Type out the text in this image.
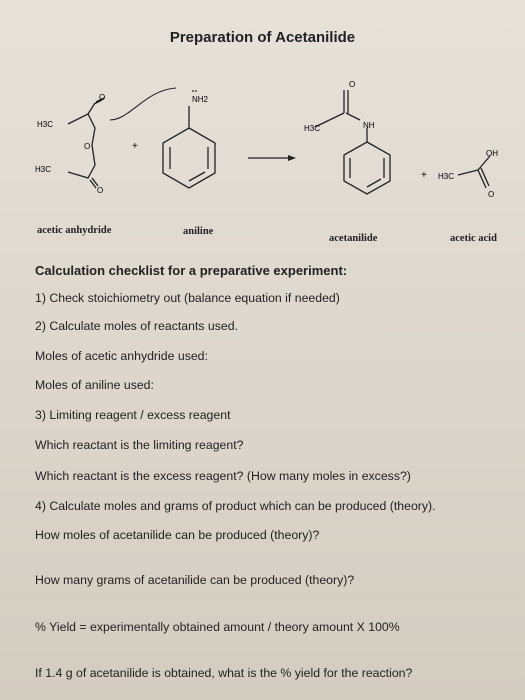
Preparation of Acetanilide
H3C
H3C
O
O
O
+
NH2
O
H3C	NH
+ H3C
OH
O
acetic anhydride	aniline
acetanilide	acetic acid
Calculation checklist for a preparative experiment:
1) Check stoichiometry out (balance equation if needed)
2) Calculate moles of reactants used.
Moles of acetic anhydride used:
Moles of aniline used:
3) Limiting reagent / excess reagent
Which reactant is the limiting reagent?
Which reactant is the excess reagent? (How many moles in excess?)
4) Calculate moles and grams of product which can be produced (theory).
How moles of acetanilide can be produced (theory)?
How many grams of acetanilide can be produced (theory)?
% Yield = experimentally obtained amount / theory amount X 100%
If 1.4 g of acetanilide is obtained, what is the % yield for the reaction?
